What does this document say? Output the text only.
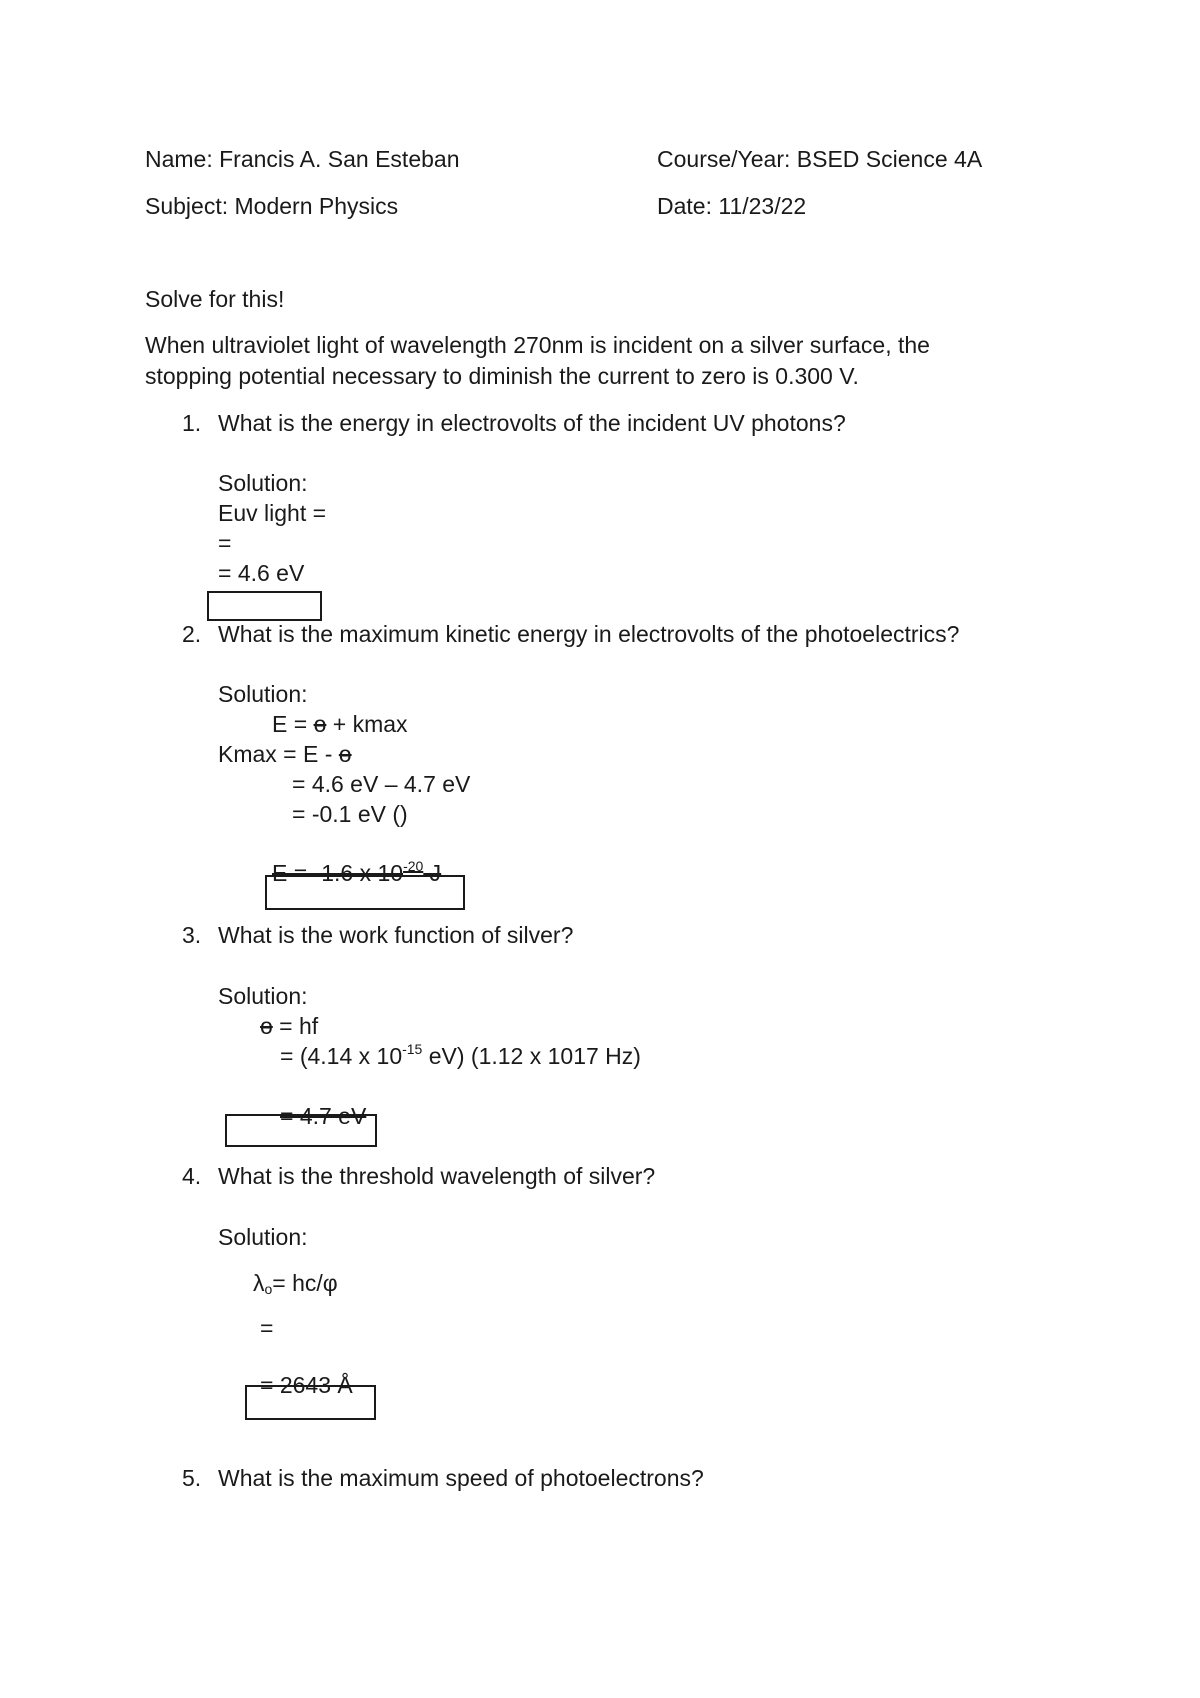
Name: Francis A. San Esteban	Course/Year: BSED Science 4A
Subject: Modern Physics	Date: 11/23/22
Solve for this!
When ultraviolet light of wavelength 270nm is incident on a silver surface, the
stopping potential necessary to diminish the current to zero is 0.300 V.
1. What is the energy in electrovolts of the incident UV photons?
Solution:
Euv light =
=
= 4.6 eV
2. What is the maximum kinetic energy in electrovolts of the photoelectrics?
Solution:
E = ɵ + kmax
Kmax = E - ɵ
= 4.6 eV – 4.7 eV
= -0.1 eV ()
E = -1.6 x $10^{-20}$ J
3. What is the work function of silver?
Solution:
ɵ = hf
= (4.14 x $10^{-15}$ eV) (1.12 x 1017 Hz)
= 4.7 eV
4. What is the threshold wavelength of silver?
Solution:
λo= hc/φ
=
= 2643 Å
5. What is the maximum speed of photoelectrons?
